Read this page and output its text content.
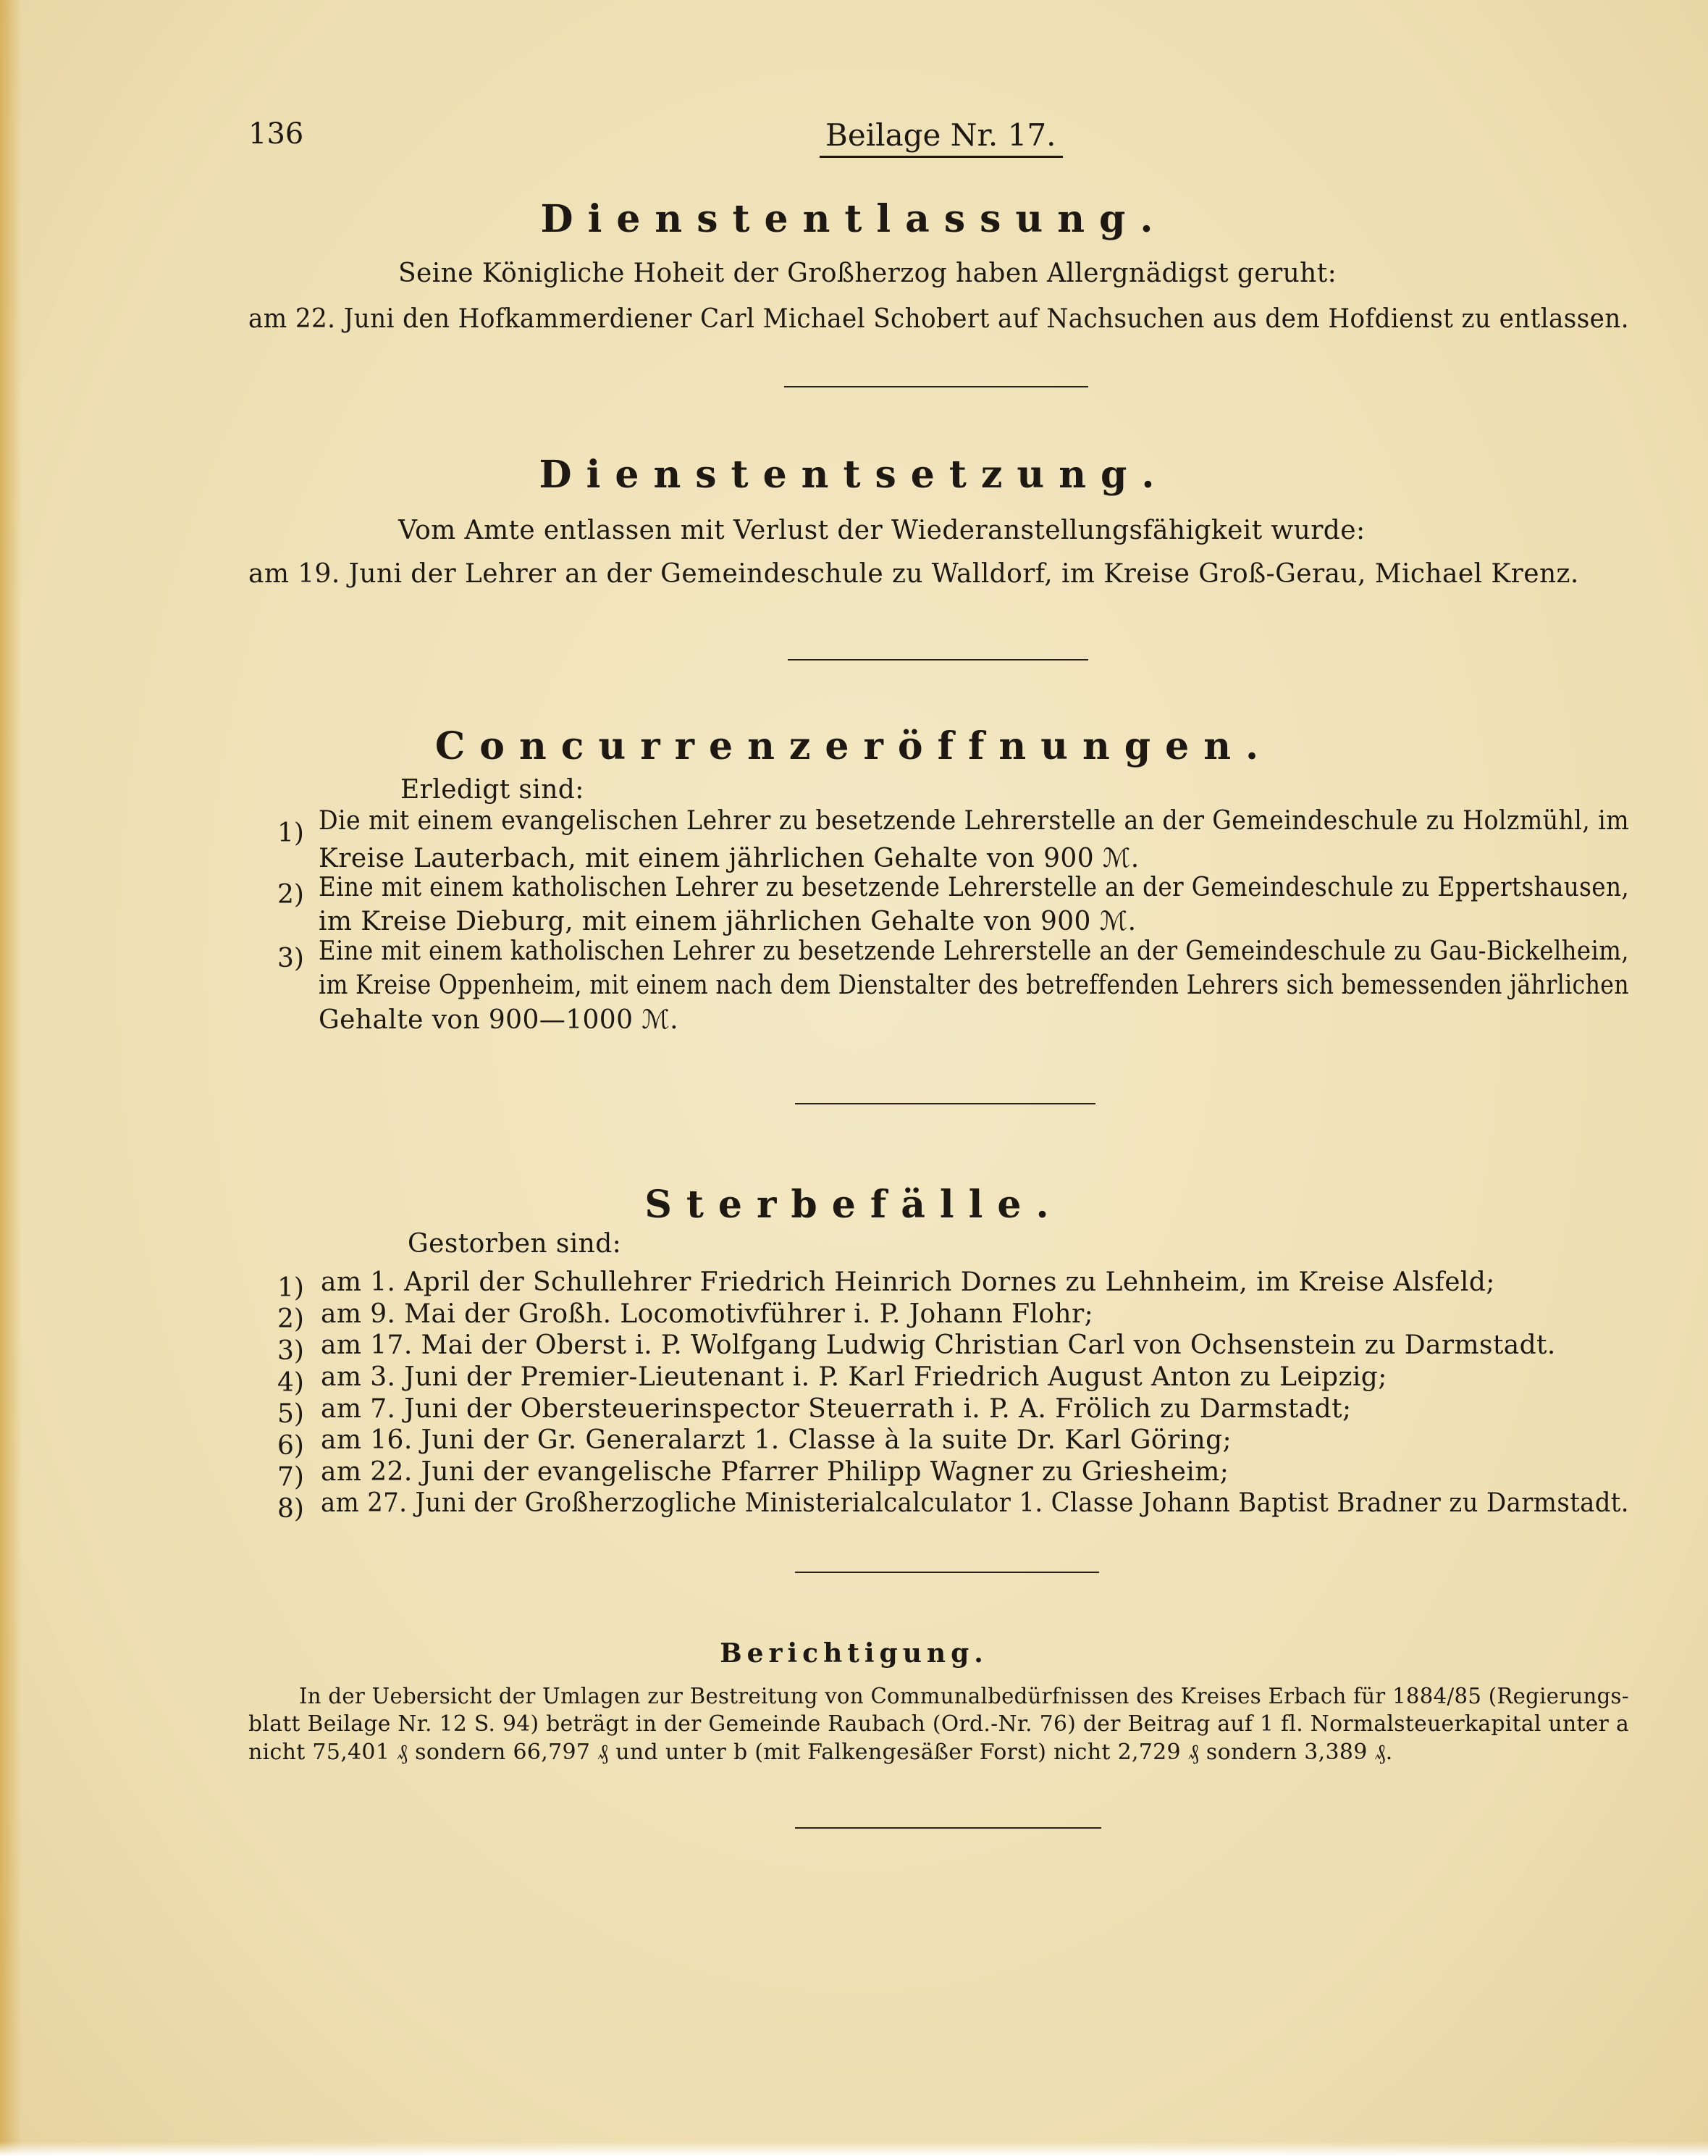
136	Beilage Nr. 17.
Dienstentlassung.
Seine Königliche Hoheit der Großherzog haben Allergnädigst geruht:
am 22. Juni den Hofkammerdiener Carl Michael Schobert auf Nachsuchen aus dem Hofdienst zu entlassen.
Dienstentsetzung.
Vom Amte entlassen mit Verlust der Wiederanstellungsfähigkeit wurde:
am 19. Juni der Lehrer an der Gemeindeschule zu Walldorf, im Kreise Groß-Gerau, Michael Krenz.
Concurrenzeröffnungen.
Erledigt sind:
1) Die mit einem evangelischen Lehrer zu besetzende Lehrerstelle an der Gemeindeschule zu Holzmühl, im
Kreise Lauterbach, mit einem jährlichen Gehalte von 900 ℳ.
2) Eine mit einem katholischen Lehrer zu besetzende Lehrerstelle an der Gemeindeschule zu Eppertshausen,
im Kreise Dieburg, mit einem jährlichen Gehalte von 900 ℳ.
3) Eine mit einem katholischen Lehrer zu besetzende Lehrerstelle an der Gemeindeschule zu Gau-Bickelheim,
im Kreise Oppenheim, mit einem nach dem Dienstalter des betreffenden Lehrers sich bemessenden jährlichen
Gehalte von 900—1000 ℳ.
Sterbefälle.
Gestorben sind:
1) am 1. April der Schullehrer Friedrich Heinrich Dornes zu Lehnheim, im Kreise Alsfeld;
2) am 9. Mai der Großh. Locomotivführer i. P. Johann Flohr;
3) am 17. Mai der Oberst i. P. Wolfgang Ludwig Christian Carl von Ochsenstein zu Darmstadt.
4) am 3. Juni der Premier-Lieutenant i. P. Karl Friedrich August Anton zu Leipzig;
5) am 7. Juni der Obersteuerinspector Steuerrath i. P. A. Frölich zu Darmstadt;
6) am 16. Juni der Gr. Generalarzt 1. Classe à la suite Dr. Karl Göring;
7) am 22. Juni der evangelische Pfarrer Philipp Wagner zu Griesheim;
8) am 27. Juni der Großherzogliche Ministerialcalculator 1. Classe Johann Baptist Bradner zu Darmstadt.
Berichtigung.
In der Uebersicht der Umlagen zur Bestreitung von Communalbedürfnissen des Kreises Erbach für 1884/85 (Regierungs-
blatt Beilage Nr. 12 S. 94) beträgt in der Gemeinde Raubach (Ord.-Nr. 76) der Beitrag auf 1 fl. Normalsteuerkapital unter a
nicht 75,401 ₰ sondern 66,797 ₰ und unter b (mit Falkengesäßer Forst) nicht 2,729 ₰ sondern 3,389 ₰.
